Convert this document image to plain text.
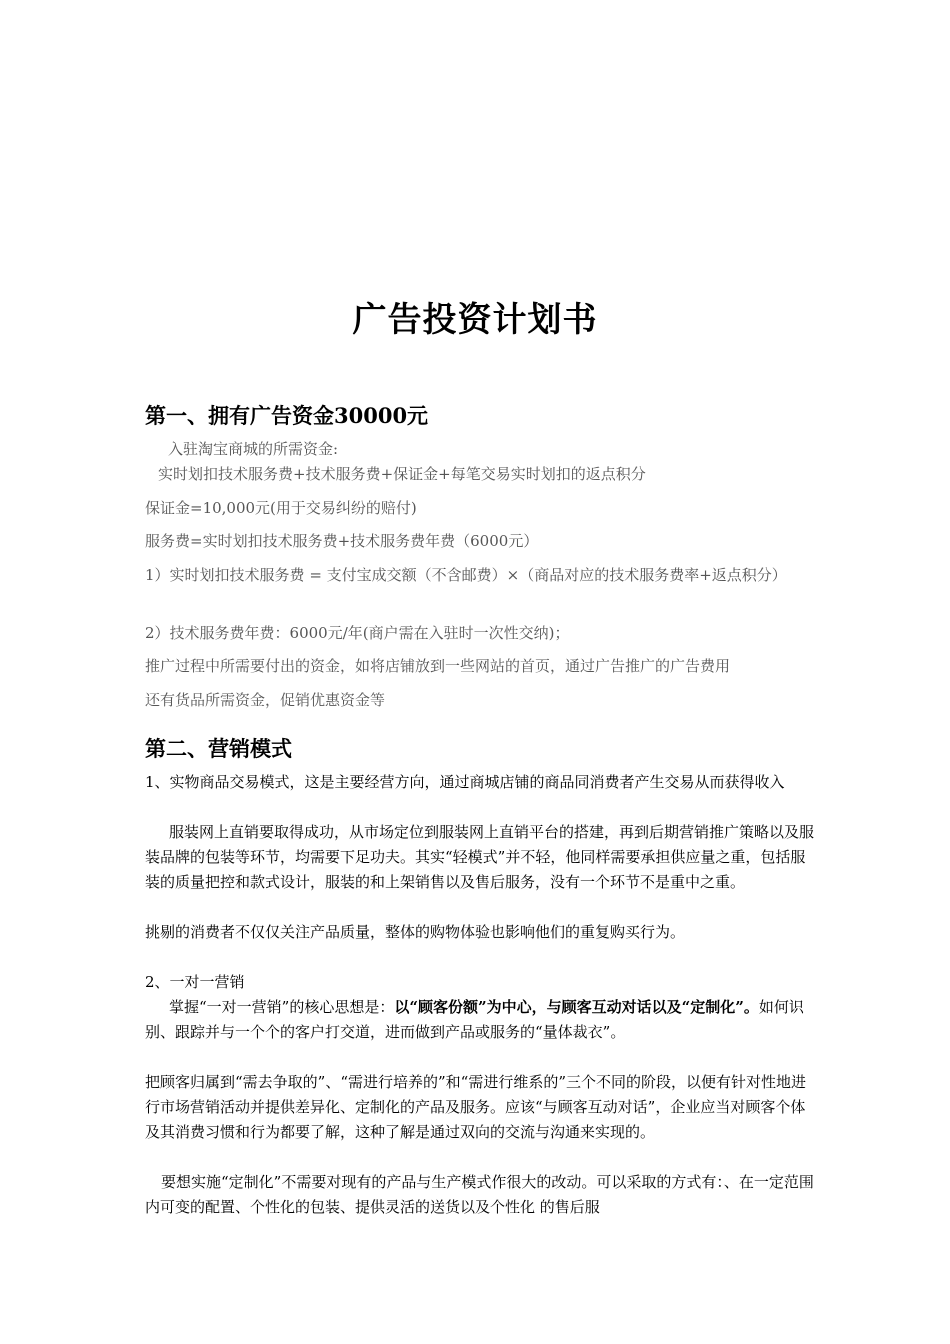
广告投资计划书
第一、拥有广告资金30000元
入驻淘宝商城的所需资金:
实时划扣技术服务费+技术服务费+保证金+每笔交易实时划扣的返点积分
保证金=10,000元(用于交易纠纷的赔付)
服务费=实时划扣技术服务费+技术服务费年费（6000元）
1）实时划扣技术服务费 = 支付宝成交额（不含邮费）×（商品对应的技术服务费率+返点积分）
2）技术服务费年费：6000元/年(商户需在入驻时一次性交纳)；
推广过程中所需要付出的资金，如将店铺放到一些网站的首页，通过广告推广的广告费用
还有货品所需资金，促销优惠资金等
第二、营销模式
1、实物商品交易模式，这是主要经营方向，通过商城店铺的商品同消费者产生交易从而获得收入
服装网上直销要取得成功，从市场定位到服装网上直销平台的搭建，再到后期营销推广策略以及服装品牌的包装等环节，均需要下足功夫。其实“轻模式”并不轻，他同样需要承担供应量之重，包括服装的质量把控和款式设计，服装的和上架销售以及售后服务，没有一个环节不是重中之重。
挑剔的消费者不仅仅关注产品质量，整体的购物体验也影响他们的重复购买行为。
2、一对一营销
掌握“一对一营销”的核心思想是：以“顾客份额”为中心，与顾客互动对话以及“定制化”。如何识别、跟踪并与一个个的客户打交道，进而做到产品或服务的“量体裁衣”。
把顾客归属到“需去争取的”、“需进行培养的”和“需进行维系的”三个不同的阶段，以便有针对性地进行市场营销活动并提供差异化、定制化的产品及服务。应该“与顾客互动对话”，企业应当对顾客个体及其消费习惯和行为都要了解，这种了解是通过双向的交流与沟通来实现的。
要想实施“定制化”不需要对现有的产品与生产模式作很大的改动。可以采取的方式有：、在一定范围内可变的配置、个性化的包装、提供灵活的送货以及个性化 的售后服
